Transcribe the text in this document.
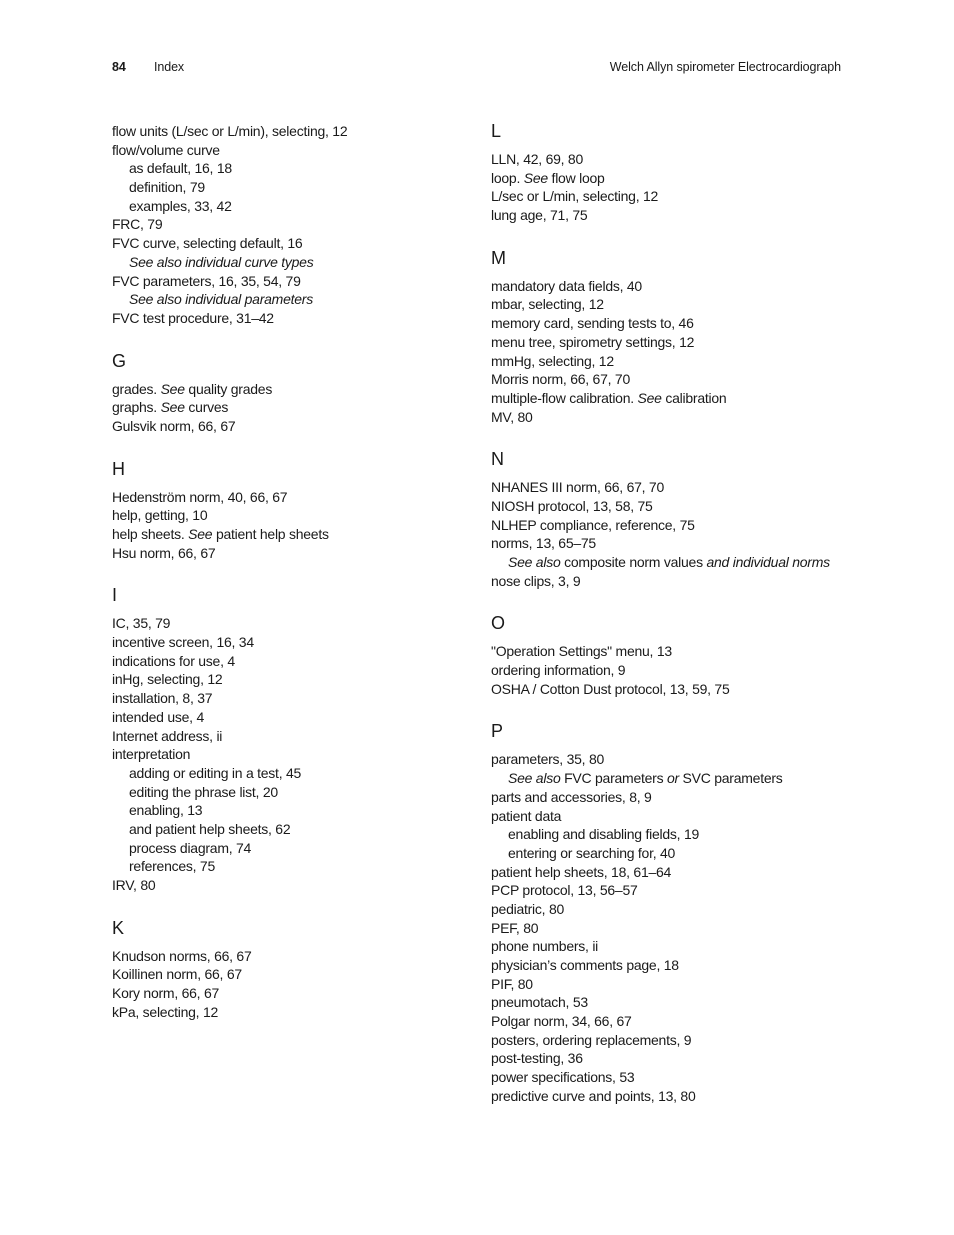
84 Index	Welch Allyn spirometer Electrocardiograph
flow units (L/sec or L/min), selecting, 12
flow/volume curve
as default, 16, 18
definition, 79
examples, 33, 42
FRC, 79
FVC curve, selecting default, 16
See also individual curve types
FVC parameters, 16, 35, 54, 79
See also individual parameters
FVC test procedure, 31–42
G
grades. See quality grades
graphs. See curves
Gulsvik norm, 66, 67
H
Hedenström norm, 40, 66, 67
help, getting, 10
help sheets. See patient help sheets
Hsu norm, 66, 67
I
IC, 35, 79
incentive screen, 16, 34
indications for use, 4
inHg, selecting, 12
installation, 8, 37
intended use, 4
Internet address, ii
interpretation
adding or editing in a test, 45
editing the phrase list, 20
enabling, 13
and patient help sheets, 62
process diagram, 74
references, 75
IRV, 80
K
Knudson norms, 66, 67
Koillinen norm, 66, 67
Kory norm, 66, 67
kPa, selecting, 12
L
LLN, 42, 69, 80
loop. See flow loop
L/sec or L/min, selecting, 12
lung age, 71, 75
M
mandatory data fields, 40
mbar, selecting, 12
memory card, sending tests to, 46
menu tree, spirometry settings, 12
mmHg, selecting, 12
Morris norm, 66, 67, 70
multiple-flow calibration. See calibration
MV, 80
N
NHANES III norm, 66, 67, 70
NIOSH protocol, 13, 58, 75
NLHEP compliance, reference, 75
norms, 13, 65–75
See also composite norm values and individual norms
nose clips, 3, 9
O
"Operation Settings" menu, 13
ordering information, 9
OSHA / Cotton Dust protocol, 13, 59, 75
P
parameters, 35, 80
See also FVC parameters or SVC parameters
parts and accessories, 8, 9
patient data
enabling and disabling fields, 19
entering or searching for, 40
patient help sheets, 18, 61–64
PCP protocol, 13, 56–57
pediatric, 80
PEF, 80
phone numbers, ii
physician’s comments page, 18
PIF, 80
pneumotach, 53
Polgar norm, 34, 66, 67
posters, ordering replacements, 9
post-testing, 36
power specifications, 53
predictive curve and points, 13, 80
